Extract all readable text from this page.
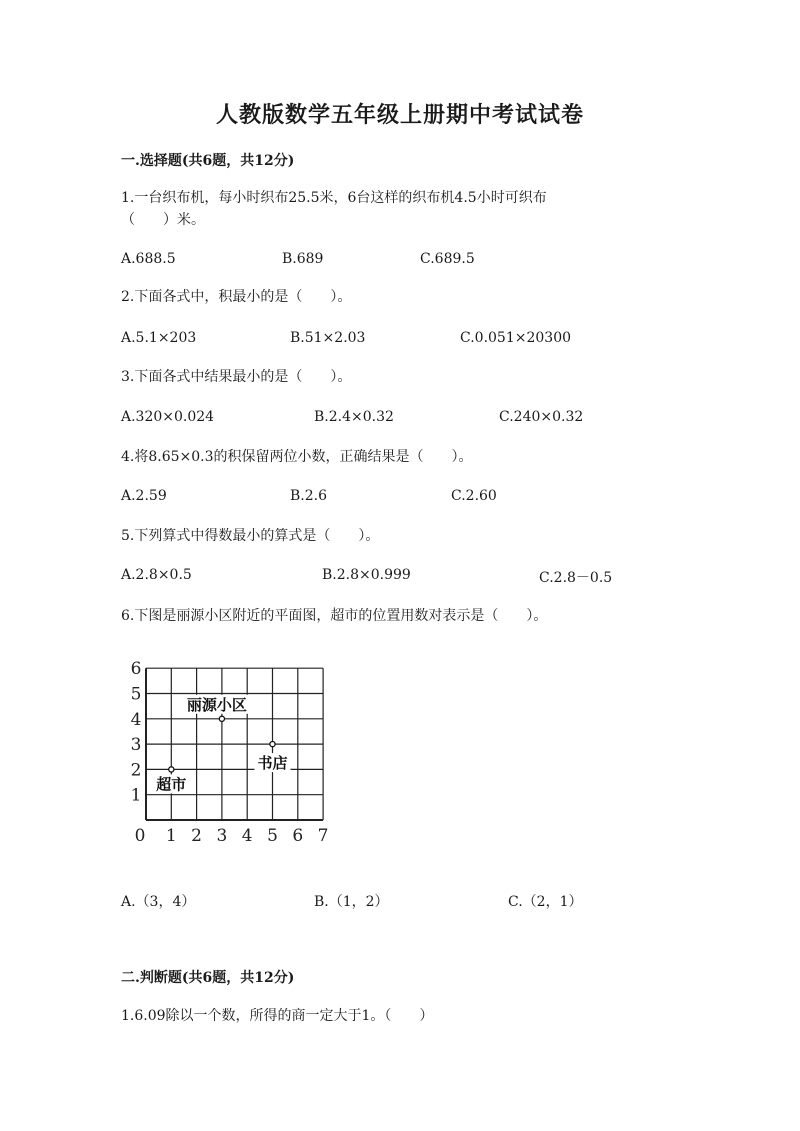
人教版数学五年级上册期中考试试卷
一.选择题(共6题，共12分)
1.一台织布机，每小时织布25.5米，6台这样的织布机4.5小时可织布
（　　）米。
A.688.5	B.689	C.689.5
2.下面各式中，积最小的是（　　）。
A.5.1×203	B.51×2.03	C.0.051×20300
3.下面各式中结果最小的是（　　）。
A.320×0.024	B.2.4×0.32	C.240×0.32
4.将8.65×0.3的积保留两位小数，正确结果是（　　）。
A.2.59	B.2.6	C.2.60
5.下列算式中得数最小的算式是（　　）。
A.2.8×0.5	B.2.8×0.999	C.2.8－0.5
6.下图是丽源小区附近的平面图，超市的位置用数对表示是（　　）。
0 1 2 3 4 5 6 7
1
2
3
4
5
6
丽源小区
书店
超市
A.（3，4）	B.（1，2）	C.（2，1）
二.判断题(共6题，共12分)
1.6.09除以一个数，所得的商一定大于1。（　　）
